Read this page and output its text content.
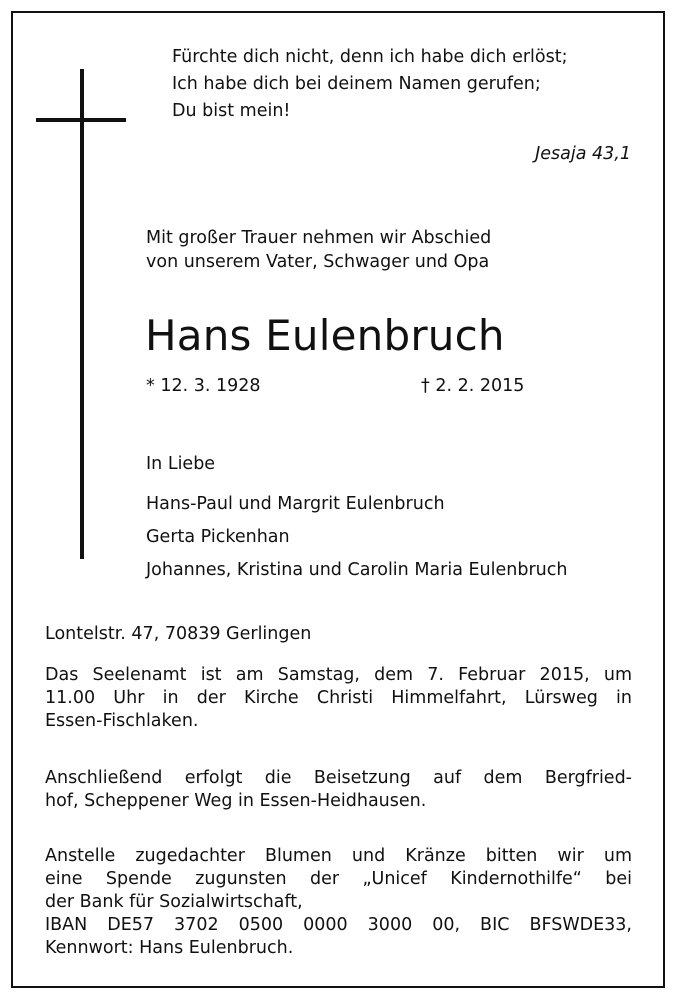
Fürchte dich nicht, denn ich habe dich erlöst;
Ich habe dich bei deinem Namen gerufen;
Du bist mein!
Jesaja 43,1
Mit großer Trauer nehmen wir Abschied
von unserem Vater, Schwager und Opa
Hans Eulenbruch
* 12. 3. 1928	† 2. 2. 2015
In Liebe
Hans-Paul und Margrit Eulenbruch
Gerta Pickenhan
Johannes, Kristina und Carolin Maria Eulenbruch
Lontelstr. 47, 70839 Gerlingen
Das Seelenamt ist am Samstag, dem 7. Februar 2015, um
11.00 Uhr in der Kirche Christi Himmelfahrt, Lürsweg in
Essen-Fischlaken.
Anschließend erfolgt die Beisetzung auf dem Bergfried-
hof, Scheppener Weg in Essen-Heidhausen.
Anstelle zugedachter Blumen und Kränze bitten wir um
eine Spende zugunsten der „Unicef Kindernothilfe“ bei
der Bank für Sozialwirtschaft,
IBAN DE57 3702 0500 0000 3000 00, BIC BFSWDE33,
Kennwort: Hans Eulenbruch.
